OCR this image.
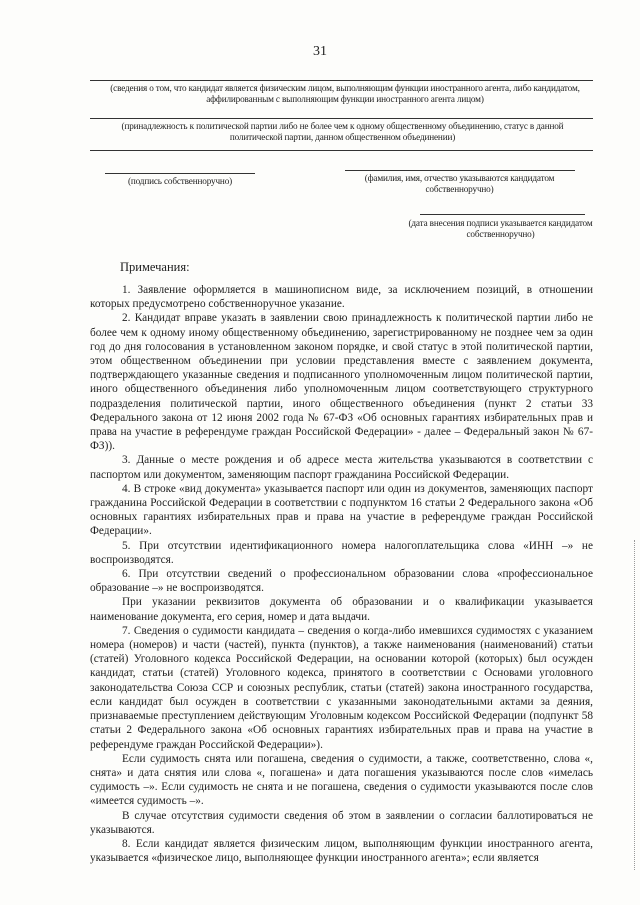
31
(сведения о том, что кандидат является физическим лицом, выполняющим функции иностранного агента, либо кандидатом, аффилированным с выполняющим функции иностранного агента лицом)
(принадлежность к политической партии либо не более чем к одному общественному объединению, статус в данной политической партии, данном общественном объединении)
(подпись собственноручно)	(фамилия, имя, отчество указываются кандидатом собственноручно)
(дата внесения подписи указывается кандидатом собственноручно)
Примечания:

1. Заявление оформляется в машинописном виде, за исключением позиций, в отношении которых предусмотрено собственноручное указание.

2. Кандидат вправе указать в заявлении свою принадлежность к политической партии либо не более чем к одному иному общественному объединению, зарегистрированному не позднее чем за один год до дня голосования в установленном законом порядке, и свой статус в этой политической партии, этом общественном объединении при условии представления вместе с заявлением документа, подтверждающего указанные сведения и подписанного уполномоченным лицом политической партии, иного общественного объединения либо уполномоченным лицом соответствующего структурного подразделения политической партии, иного общественного объединения (пункт 2 статьи 33 Федерального закона от 12 июня 2002 года № 67-ФЗ «Об основных гарантиях избирательных прав и права на участие в референдуме граждан Российской Федерации» - далее – Федеральный закон № 67-ФЗ)).

3. Данные о месте рождения и об адресе места жительства указываются в соответствии с паспортом или документом, заменяющим паспорт гражданина Российской Федерации.

4. В строке «вид документа» указывается паспорт или один из документов, заменяющих паспорт гражданина Российской Федерации в соответствии с подпунктом 16 статьи 2 Федерального закона «Об основных гарантиях избирательных прав и права на участие в референдуме граждан Российской Федерации».

5. При отсутствии идентификационного номера налогоплательщика слова «ИНН –» не воспроизводятся.

6. При отсутствии сведений о профессиональном образовании слова «профессиональное образование –» не воспроизводятся.

При указании реквизитов документа об образовании и о квалификации указывается наименование документа, его серия, номер и дата выдачи.

7. Сведения о судимости кандидата – сведения о когда-либо имевшихся судимостях с указанием номера (номеров) и части (частей), пункта (пунктов), а также наименования (наименований) статьи (статей) Уголовного кодекса Российской Федерации, на основании которой (которых) был осужден кандидат, статьи (статей) Уголовного кодекса, принятого в соответствии с Основами уголовного законодательства Союза ССР и союзных республик, статьи (статей) закона иностранного государства, если кандидат был осужден в соответствии с указанными законодательными актами за деяния, признаваемые преступлением действующим Уголовным кодексом Российской Федерации (подпункт 58 статьи 2 Федерального закона «Об основных гарантиях избирательных прав и права на участие в референдуме граждан Российской Федерации»).

Если судимость снята или погашена, сведения о судимости, а также, соответственно, слова «, снята» и дата снятия или слова «, погашена» и дата погашения указываются после слов «имелась судимость –». Если судимость не снята и не погашена, сведения о судимости указываются после слов «имеется судимость –».

В случае отсутствия судимости сведения об этом в заявлении о согласии баллотироваться не указываются.

8. Если кандидат является физическим лицом, выполняющим функции иностранного агента, указывается «физическое лицо, выполняющее функции иностранного агента»; если является
